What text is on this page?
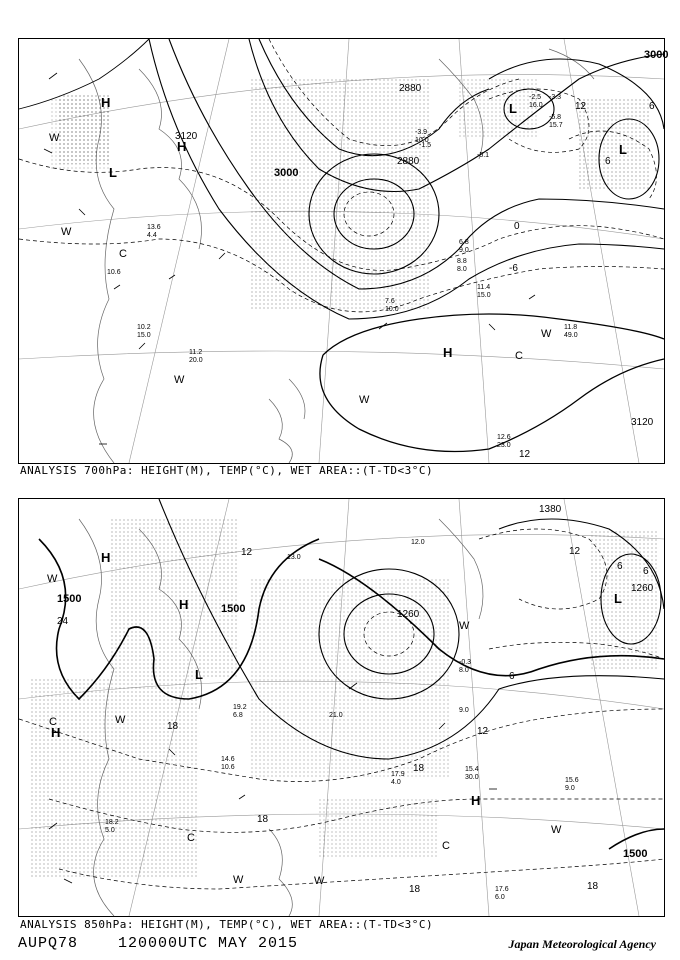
2880
3000
3120
3000
3120
2880
12
6
0
-6
12
6
H
H
L
L
L
H
C
C
W
W
W
W
W
11.4
15.0
11.8
49.0
12.6
23.0
10.2
15.0
11.2
20.0
-1.5
-5.1
-3.9
10.0
6.8
9.0
8.8
8.0
7.6
10.0
13.6
4.4
10.6
-2.5
16.0
-3.3
-5.8
15.7
ANALYSIS 700hPa: HEIGHT(M), TEMP(°C), WET AREA::(T-TD<3°C)
1500
1500
1500
1260
1380
1260
24
18
12
6
18
18
18
12
6
12
18
6
H
H
H
H
L
L
C
C
C
W
W
W
W
W
W
15.4
30.0	15.6
9.0
17.6
6.0
17.9
4.0
14.6
10.6
13.0
21.0
19.2
6.8
12.0
-0.3
8.0
9.0
18.2
5.0
ANALYSIS 850hPa: HEIGHT(M), TEMP(°C), WET AREA::(T-TD<3°C)
AUPQ78	120000UTC MAY 2015	Japan Meteorological Agency
